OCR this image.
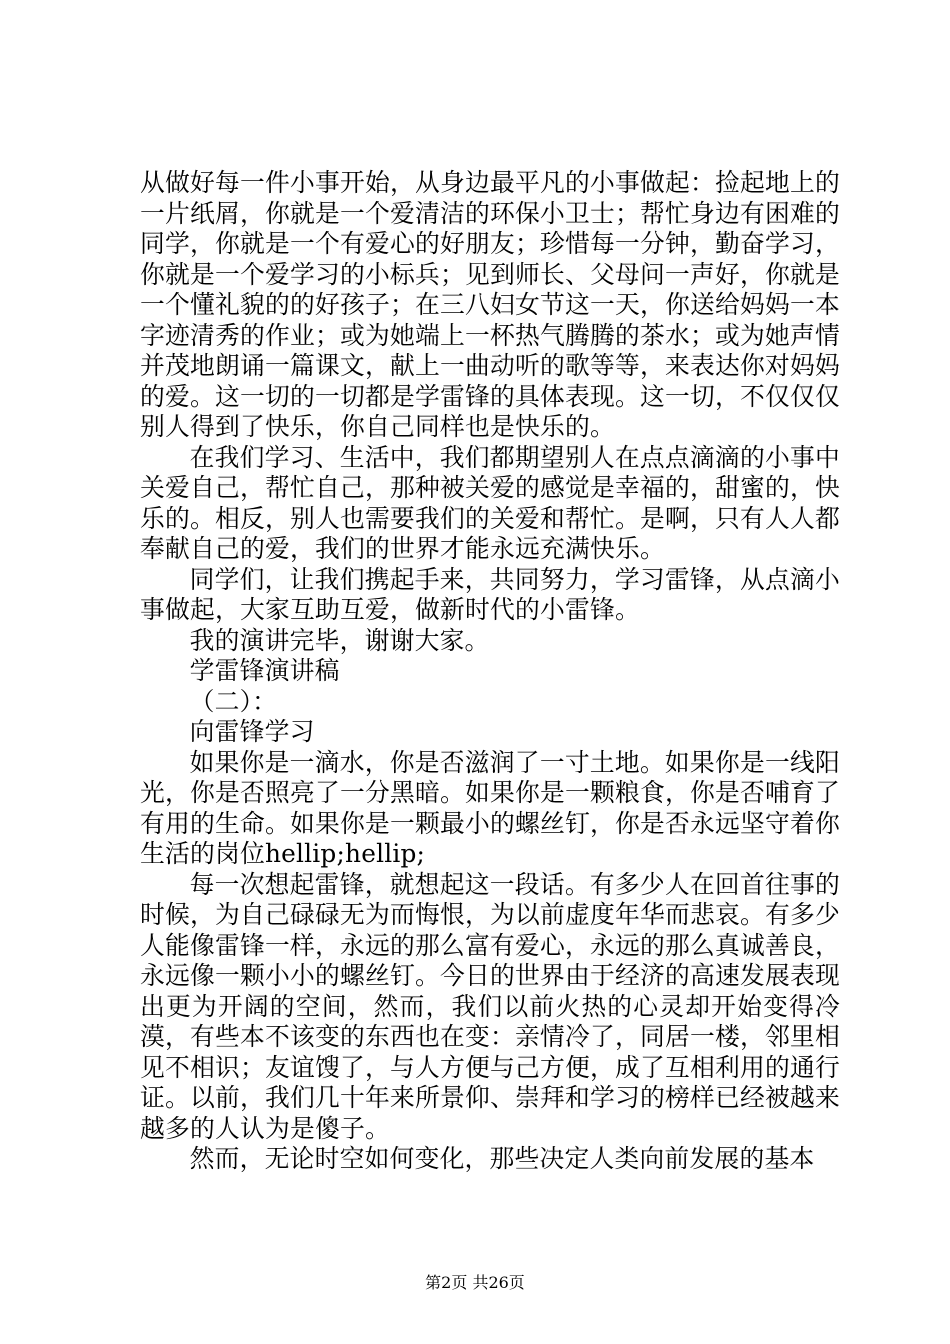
从做好每一件小事开始，从身边最平凡的小事做起：捡起地上的一片纸屑，你就是一个爱清洁的环保小卫士；帮忙身边有困难的同学，你就是一个有爱心的好朋友；珍惜每一分钟，勤奋学习，你就是一个爱学习的小标兵；见到师长、父母问一声好，你就是一个懂礼貌的的好孩子；在三八妇女节这一天，你送给妈妈一本字迹清秀的作业；或为她端上一杯热气腾腾的茶水；或为她声情并茂地朗诵一篇课文，献上一曲动听的歌等等，来表达你对妈妈的爱。这一切的一切都是学雷锋的具体表现。这一切，不仅仅仅别人得到了快乐，你自己同样也是快乐的。

在我们学习、生活中，我们都期望别人在点点滴滴的小事中关爱自己，帮忙自己，那种被关爱的感觉是幸福的，甜蜜的，快乐的。相反，别人也需要我们的关爱和帮忙。是啊，只有人人都奉献自己的爱，我们的世界才能永远充满快乐。

同学们，让我们携起手来，共同努力，学习雷锋，从点滴小事做起，大家互助互爱，做新时代的小雷锋。

我的演讲完毕，谢谢大家。

学雷锋演讲稿

（二）：

向雷锋学习

如果你是一滴水，你是否滋润了一寸土地。如果你是一线阳光，你是否照亮了一分黑暗。如果你是一颗粮食，你是否哺育了有用的生命。如果你是一颗最小的螺丝钉，你是否永远坚守着你生活的岗位hellip;hellip;

每一次想起雷锋，就想起这一段话。有多少人在回首往事的时候，为自己碌碌无为而悔恨，为以前虚度年华而悲哀。有多少人能像雷锋一样，永远的那么富有爱心，永远的那么真诚善良，永远像一颗小小的螺丝钉。今日的世界由于经济的高速发展表现出更为开阔的空间，然而，我们以前火热的心灵却开始变得冷漠，有些本不该变的东西也在变：亲情冷了，同居一楼，邻里相见不相识；友谊馊了，与人方便与己方便，成了互相利用的通行证。以前，我们几十年来所景仰、崇拜和学习的榜样已经被越来越多的人认为是傻子。

然而，无论时空如何变化，那些决定人类向前发展的基本

第2页 共26页
